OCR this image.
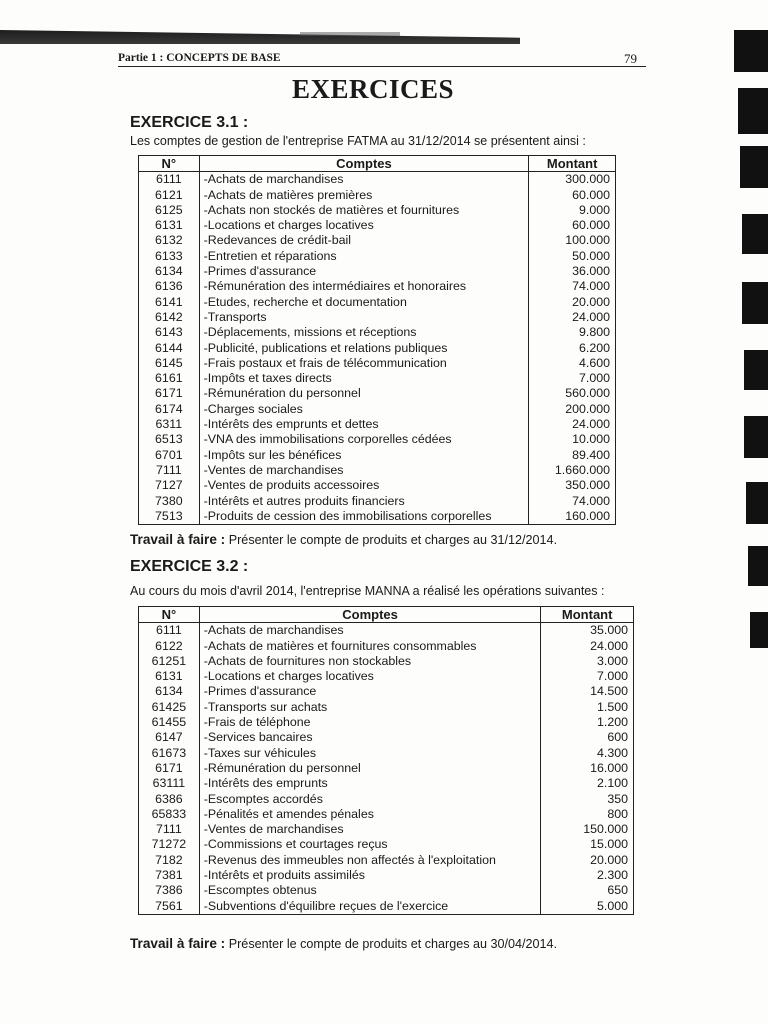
Partie 1 : CONCEPTS DE BASE	79
EXERCICES
EXERCICE 3.1 :
Les comptes de gestion de l'entreprise FATMA au 31/12/2014 se présentent ainsi :
N°	Comptes	Montant
6111	-Achats de marchandises	300.000
6121	-Achats de matières premières	60.000
6125	-Achats non stockés de matières et fournitures	9.000
6131	-Locations et charges locatives	60.000
6132	-Redevances de crédit-bail	100.000
6133	-Entretien et réparations	50.000
6134	-Primes d'assurance	36.000
6136	-Rémunération des intermédiaires et honoraires	74.000
6141	-Etudes, recherche et documentation	20.000
6142	-Transports	24.000
6143	-Déplacements, missions et réceptions	9.800
6144	-Publicité, publications et relations publiques	6.200
6145	-Frais postaux et frais de télécommunication	4.600
6161	-Impôts et taxes directs	7.000
6171	-Rémunération du personnel	560.000
6174	-Charges sociales	200.000
6311	-Intérêts des emprunts et dettes	24.000
6513	-VNA des immobilisations corporelles cédées	10.000
6701	-Impôts sur les bénéfices	89.400
7111	-Ventes de marchandises	1.660.000
7127	-Ventes de produits accessoires	350.000
7380	-Intérêts et autres produits financiers	74.000
7513	-Produits de cession des immobilisations corporelles	160.000
Travail à faire : Présenter le compte de produits et charges au 31/12/2014.
EXERCICE 3.2 :
Au cours du mois d'avril 2014, l'entreprise MANNA a réalisé les opérations suivantes :
N°	Comptes	Montant
6111	-Achats de marchandises	35.000
6122	-Achats de matières et fournitures consommables	24.000
61251	-Achats de fournitures non stockables	3.000
6131	-Locations et charges locatives	7.000
6134	-Primes d'assurance	14.500
61425	-Transports sur achats	1.500
61455	-Frais de téléphone	1.200
6147	-Services bancaires	600
61673	-Taxes sur véhicules	4.300
6171	-Rémunération du personnel	16.000
63111	-Intérêts des emprunts	2.100
6386	-Escomptes accordés	350
65833	-Pénalités et amendes pénales	800
7111	-Ventes de marchandises	150.000
71272	-Commissions et courtages reçus	15.000
7182	-Revenus des immeubles non affectés à l'exploitation	20.000
7381	-Intérêts et produits assimilés	2.300
7386	-Escomptes obtenus	650
7561	-Subventions d'équilibre reçues de l'exercice	5.000
Travail à faire : Présenter le compte de produits et charges au 30/04/2014.
